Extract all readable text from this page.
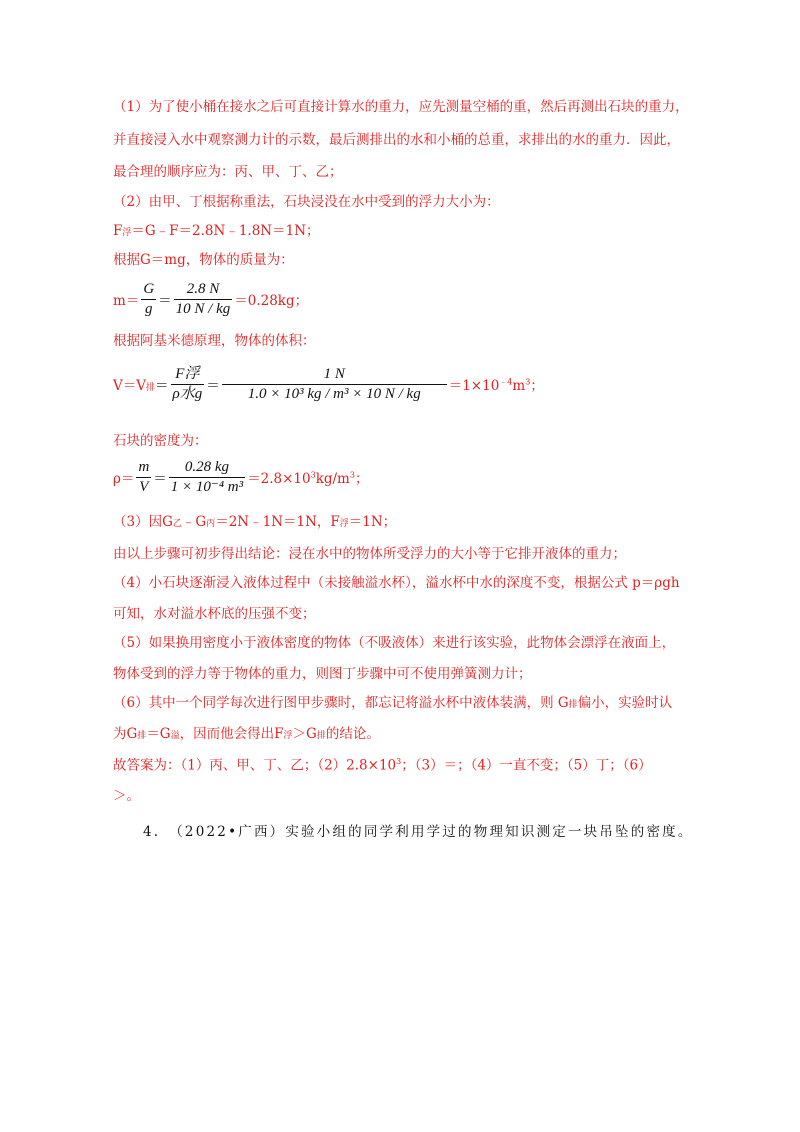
（1）为了使小桶在接水之后可直接计算水的重力，应先测量空桶的重，然后再测出石块的重力，
并直接浸入水中观察测力计的示数，最后测排出的水和小桶的总重，求排出的水的重力．因此，
最合理的顺序应为：丙、甲、丁、乙；
（2）由甲、丁根据称重法，石块浸没在水中受到的浮力大小为：
F浮＝G﹣F＝2.8N﹣1.8N＝1N；
根据G＝mg，物体的质量为：
$m= \frac{G}{g} = \frac{2.8 N}{10 N / kg} =0.28kg$；
根据阿基米德原理，物体的体积：
V＝V排 ＝ $\frac{\text{F浮}}{\text{ρ水g}} = \frac{1 N}{\text{1.0 × 10³ kg / m³ × 10 N / kg}} =1\times 10^{﹣4}m^3$；
石块的密度为：
$\rho= \frac{m}{V} = \frac{0.28 kg}{\text{1 × 10⁻⁴ m³}} =2.8\times 10^3kg/m^3$；
（3）因G乙﹣G丙＝2N﹣1N＝1N，F浮＝1N；
由以上步骤可初步得出结论：浸在水中的物体所受浮力的大小等于它排开液体的重力；
（4）小石块逐渐浸入液体过程中（未接触溢水杯），溢水杯中水的深度不变，根据公式 p＝ρgh
可知，水对溢水杯底的压强不变；
（5）如果换用密度小于液体密度的物体（不吸液体）来进行该实验，此物体会漂浮在液面上，
物体受到的浮力等于物体的重力，则图丁步骤中可不使用弹簧测力计；
（6）其中一个同学每次进行图甲步骤时，都忘记将溢水杯中液体装满，则 G排偏小，实验时认
为G排＝G溢，因而他会得出F浮＞G排的结论。
故答案为：（1）丙、甲、丁、乙；$(2)2.8\times 10^3$；（3）＝；（4）一直不变；（5）丁；（6）
＞。
4.　（2022•广西）实验小组的同学利用学过的物理知识测定一块吊坠的密度。
